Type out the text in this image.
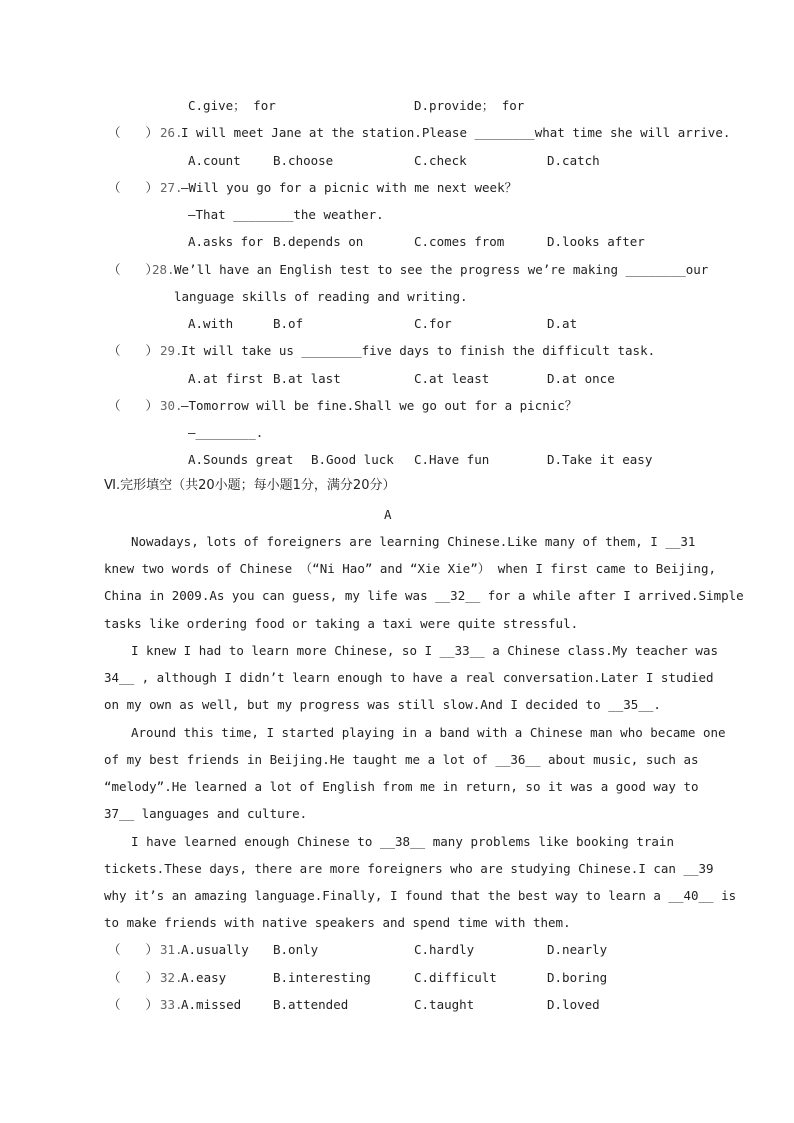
C.give； for	D.provide； for
（　　） 26.
I will meet Jane at the station.Please ________what time she will arrive.
A.count	B.choose	C.check	D.catch
（　　） 27.
—Will you go for a picnic with me next week？
—That ________the weather.
A.asks for B.depends on	C.comes from	D.looks after
（　　）
28. We’ll have an English test to see the progress we’re making ________our
language skills of reading and writing.
A.with	B.of	C.for	D.at
（　　） 29.
It will take us ________five days to finish the difficult task.
A.at first B.at last	C.at least	D.at once
（　　） 30.
—Tomorrow will be fine.Shall we go out for a picnic？
—________.
A.Sounds great B.Good luck C.Have fun	D.Take it easy
Ⅵ.完形填空（共20小题；每小题1分，满分20分）
A
Nowadays, lots of foreigners are learning Chinese.Like many of them, I __31
knew two words of Chinese （“Ni Hao” and “Xie Xie”） when I first came to Beijing,
China in 2009.As you can guess, my life was __32__ for a while after I arrived.Simple
tasks like ordering food or taking a taxi were quite stressful.
I knew I had to learn more Chinese, so I __33__ a Chinese class.My teacher was
34__ , although I didn’t learn enough to have a real conversation.Later I studied
on my own as well, but my progress was still slow.And I decided to __35__.
Around this time, I started playing in a band with a Chinese man who became one
of my best friends in Beijing.He taught me a lot of __36__ about music, such as
“melody”.He learned a lot of English from me in return, so it was a good way to
37__ languages and culture.
I have learned enough Chinese to __38__ many problems like booking train
tickets.These days, there are more foreigners who are studying Chinese.I can __39
why it’s an amazing language.Finally, I found that the best way to learn a __40__ is
to make friends with native speakers and spend time with them.
（　　） 31.
A.usually B.only	C.hardly	D.nearly
（　　） 32.
A.easy	B.interesting	C.difficult	D.boring
（　　） 33.
A.missed	B.attended	C.taught	D.loved
